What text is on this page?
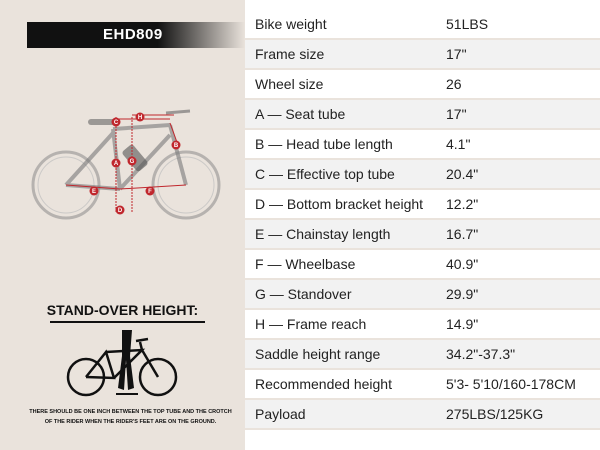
EHD809
C
H
B
A G
E	F
D
STAND-OVER HEIGHT:
THERE SHOULD BE ONE INCH BETWEEN THE TOP TUBE AND THE CROTCH OF THE RIDER WHEN THE RIDER'S FEET ARE ON THE GROUND.
Bike weight	51LBS
Frame size	17"
Wheel size	26
A — Seat tube	17"
B — Head tube length	4.1"
C — Effective top tube	20.4"
D — Bottom bracket height 12.2"
E — Chainstay length	16.7"
F — Wheelbase	40.9"
G — Standover	29.9"
H — Frame reach	14.9"
Saddle height range	34.2"-37.3"
Recommended height	5'3- 5'10/160-178CM
Payload	275LBS/125KG
